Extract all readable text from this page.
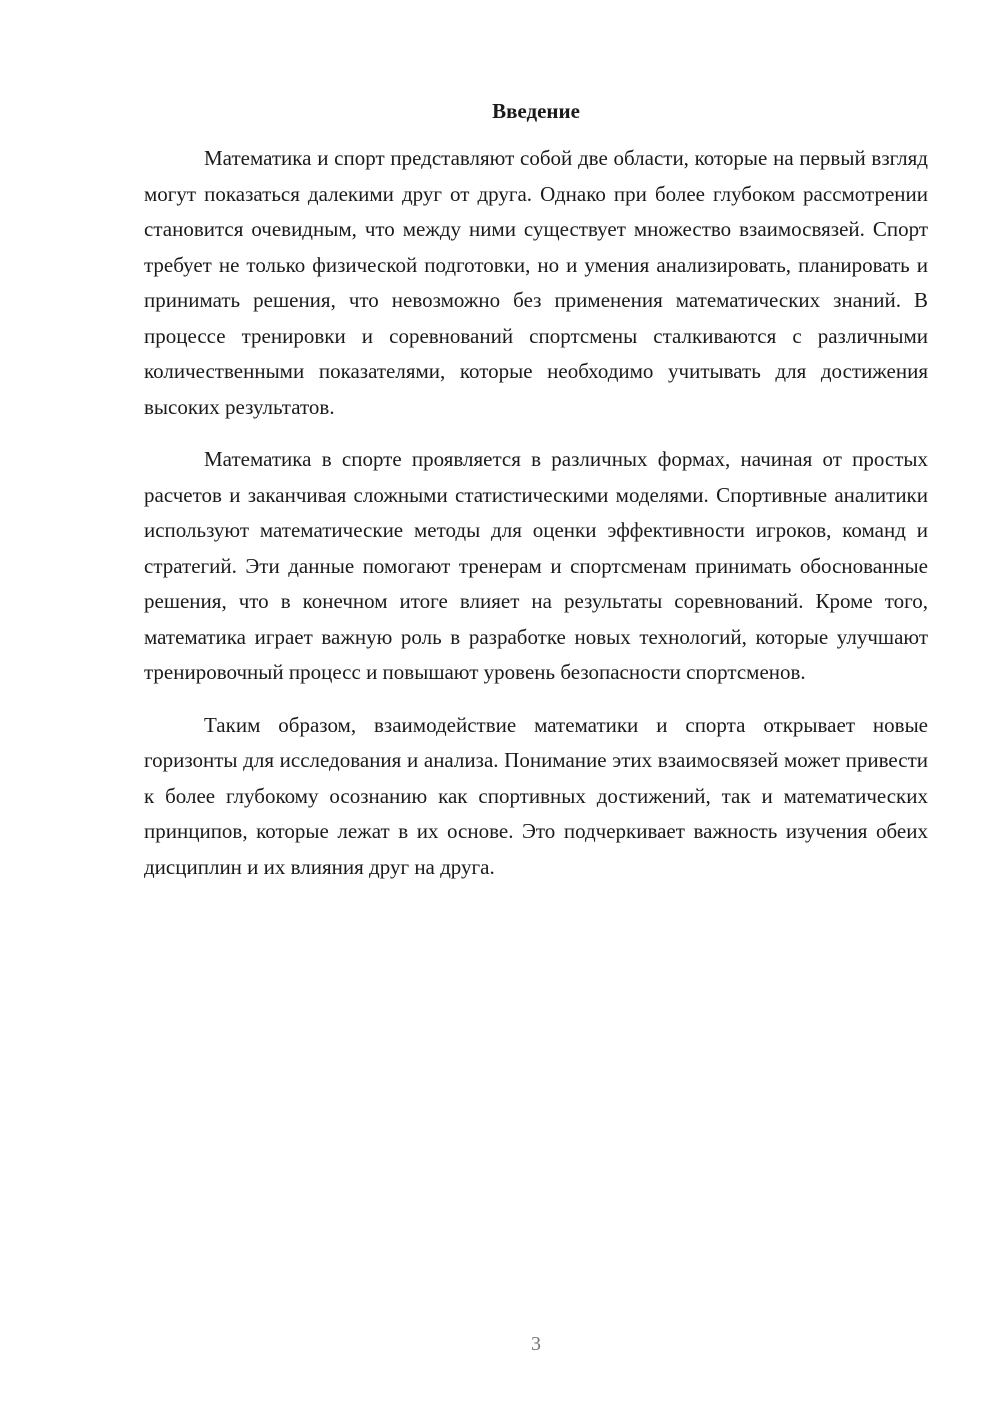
Введение

Математика и спорт представляют собой две области, которые на первый взгляд могут показаться далекими друг от друга. Однако при более глубоком рассмотрении становится очевидным, что между ними существует множество взаимосвязей. Спорт требует не только физической подготовки, но и умения анализировать, планировать и принимать решения, что невозможно без применения математических знаний. В процессе тренировки и соревнований спортсмены сталкиваются с различными количественными показателями, которые необходимо учитывать для достижения высоких результатов.

Математика в спорте проявляется в различных формах, начиная от простых расчетов и заканчивая сложными статистическими моделями. Спортивные аналитики используют математические методы для оценки эффективности игроков, команд и стратегий. Эти данные помогают тренерам и спортсменам принимать обоснованные решения, что в конечном итоге влияет на результаты соревнований. Кроме того, математика играет важную роль в разработке новых технологий, которые улучшают тренировочный процесс и повышают уровень безопасности спортсменов.

Таким образом, взаимодействие математики и спорта открывает новые горизонты для исследования и анализа. Понимание этих взаимосвязей может привести к более глубокому осознанию как спортивных достижений, так и математических принципов, которые лежат в их основе. Это подчеркивает важность изучения обеих дисциплин и их влияния друг на друга.

3
